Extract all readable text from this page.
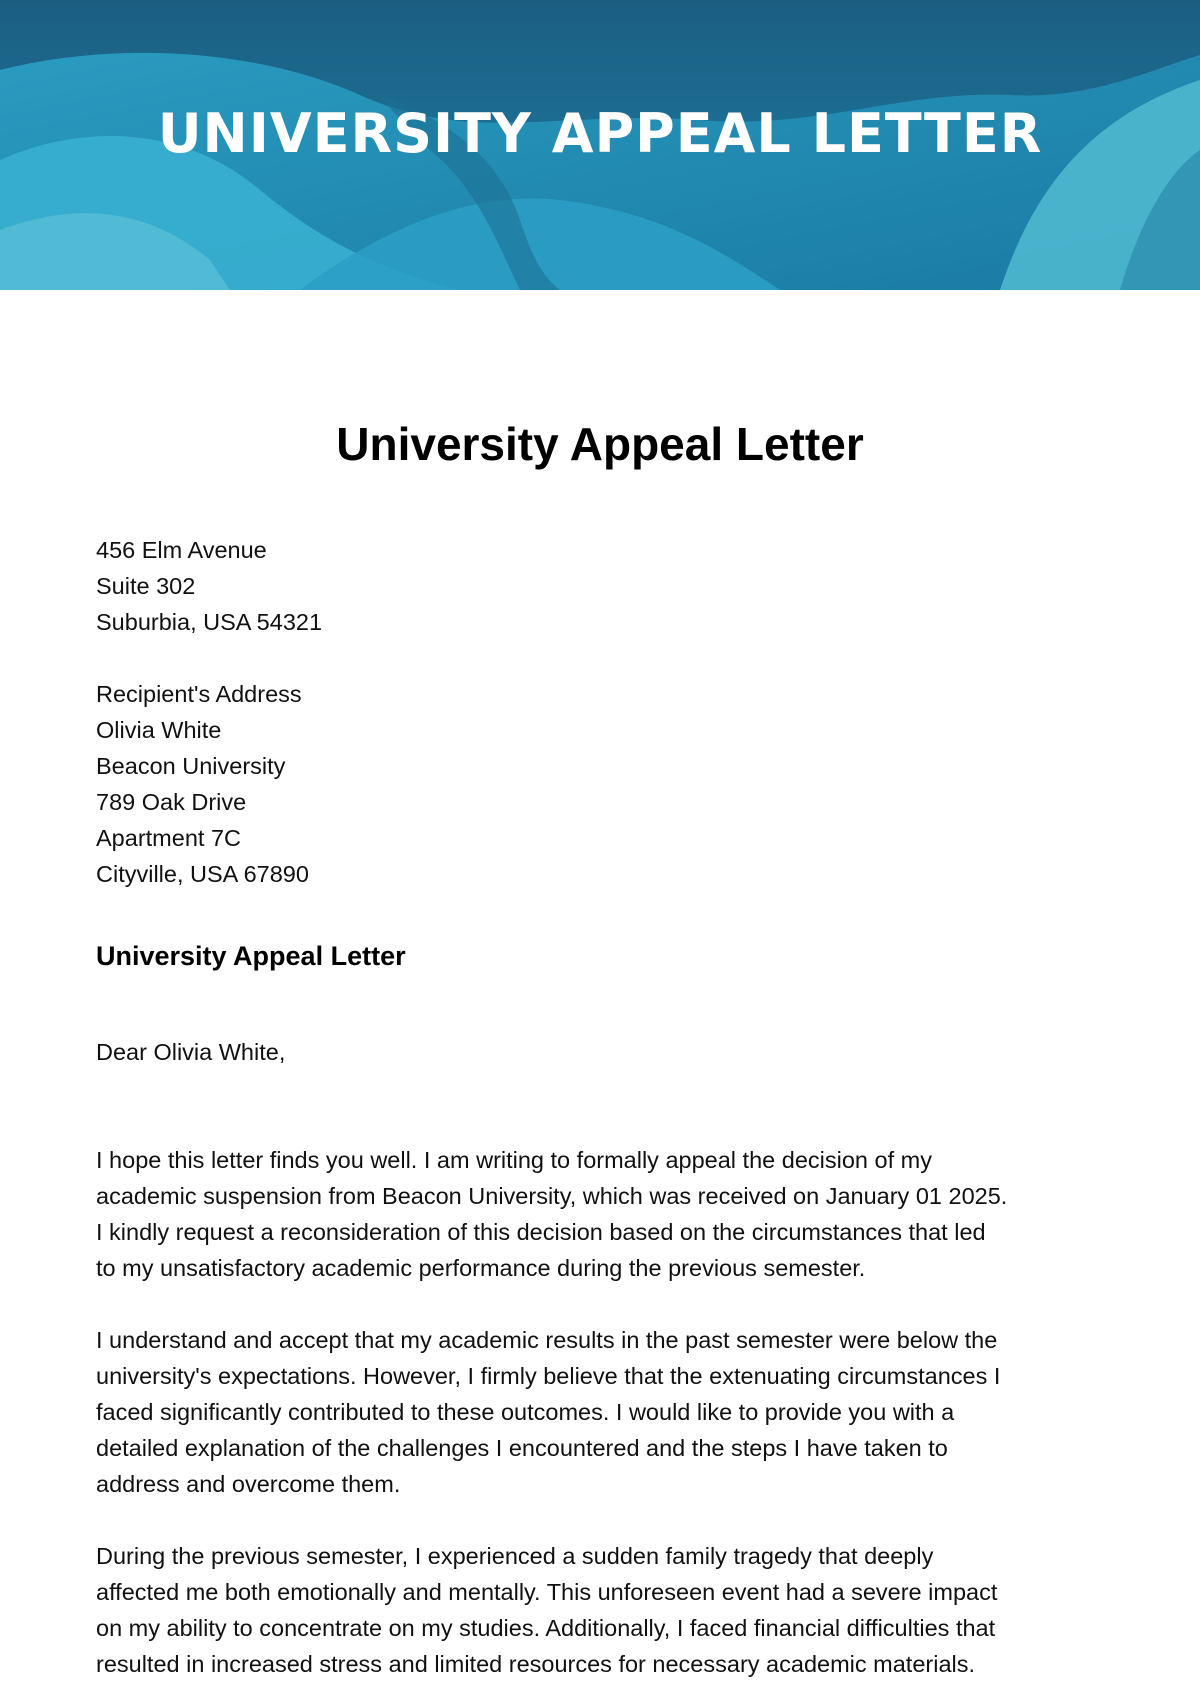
UNIVERSITY APPEAL LETTER
University Appeal Letter
456 Elm Avenue
Suite 302
Suburbia, USA 54321
Recipient's Address
Olivia White
Beacon University
789 Oak Drive
Apartment 7C
Cityville, USA 67890
University Appeal Letter
Dear Olivia White,
I hope this letter finds you well. I am writing to formally appeal the decision of my
academic suspension from Beacon University, which was received on January 01 2025.
I kindly request a reconsideration of this decision based on the circumstances that led
to my unsatisfactory academic performance during the previous semester.
I understand and accept that my academic results in the past semester were below the
university's expectations. However, I firmly believe that the extenuating circumstances I
faced significantly contributed to these outcomes. I would like to provide you with a
detailed explanation of the challenges I encountered and the steps I have taken to
address and overcome them.
During the previous semester, I experienced a sudden family tragedy that deeply
affected me both emotionally and mentally. This unforeseen event had a severe impact
on my ability to concentrate on my studies. Additionally, I faced financial difficulties that
resulted in increased stress and limited resources for necessary academic materials.
